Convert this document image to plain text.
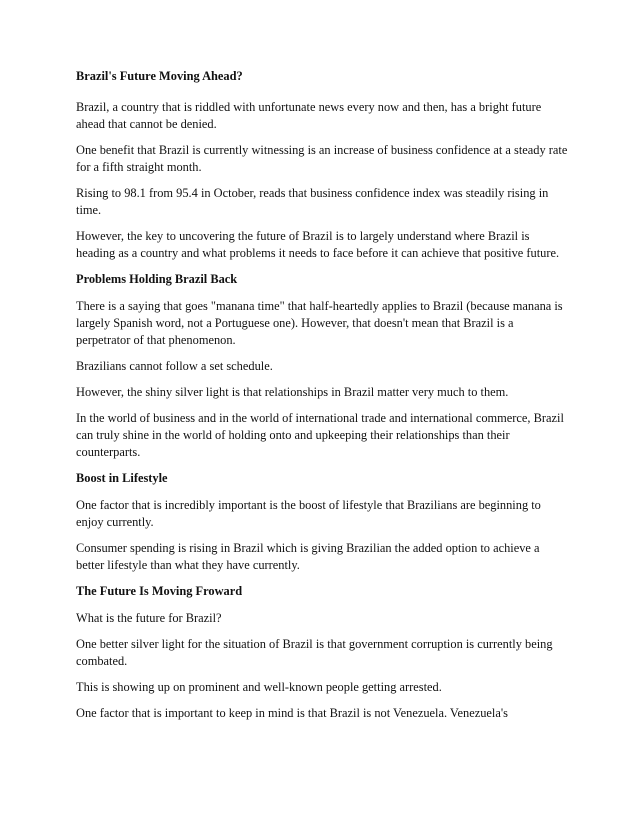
Brazil's Future Moving Ahead?

Brazil, a country that is riddled with unfortunate news every now and then, has a bright future ahead that cannot be denied.

One benefit that Brazil is currently witnessing is an increase of business confidence at a steady rate for a fifth straight month.

Rising to 98.1 from 95.4 in October, reads that business confidence index was steadily rising in time.

However, the key to uncovering the future of Brazil is to largely understand where Brazil is heading as a country and what problems it needs to face before it can achieve that positive future.

Problems Holding Brazil Back

There is a saying that goes "manana time" that half-heartedly applies to Brazil (because manana is largely Spanish word, not a Portuguese one). However, that doesn't mean that Brazil is a perpetrator of that phenomenon.

Brazilians cannot follow a set schedule.

However, the shiny silver light is that relationships in Brazil matter very much to them.

In the world of business and in the world of international trade and international commerce, Brazil can truly shine in the world of holding onto and upkeeping their relationships than their counterparts.

Boost in Lifestyle

One factor that is incredibly important is the boost of lifestyle that Brazilians are beginning to enjoy currently.

Consumer spending is rising in Brazil which is giving Brazilian the added option to achieve a better lifestyle than what they have currently.

The Future Is Moving Froward

What is the future for Brazil?

One better silver light for the situation of Brazil is that government corruption is currently being combated.

This is showing up on prominent and well-known people getting arrested.

One factor that is important to keep in mind is that Brazil is not Venezuela. Venezuela's
